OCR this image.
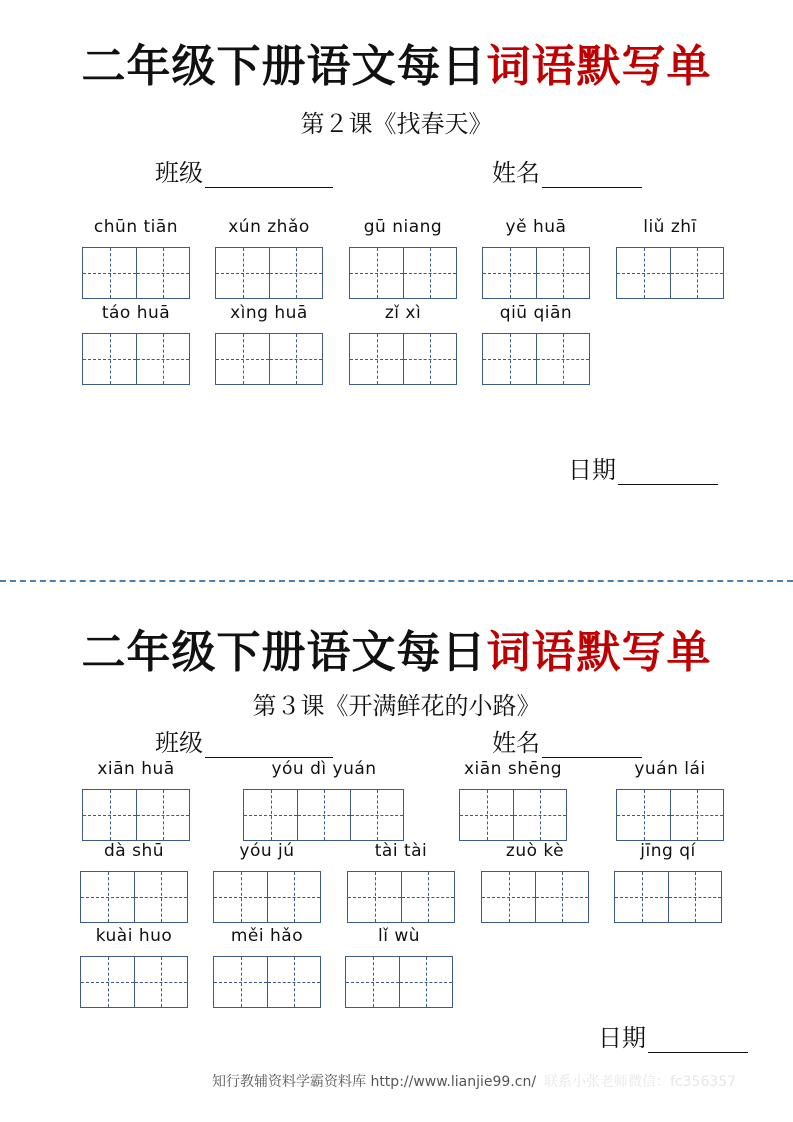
知行教辅资料学霸资料库 http://www.lianjie99.cn/ 联系小张老师微信：fc356357
二年级下册语文每日词语默写单
第２课《找春天》
班级	姓名
日期
chūn tiān	xún zhǎo	gū niang	yě huā	liǔ zhī
táo huā	xìng huā	zǐ xì	qiū qiān
二年级下册语文每日词语默写单
第３课《开满鲜花的小路》
班级	姓名
日期
xiān huā	yóu dì yuán	xiān shēng	yuán lái
dà shū	yóu jú	tài tài	zuò kè	jīng qí
kuài huo	měi hǎo	lǐ wù
